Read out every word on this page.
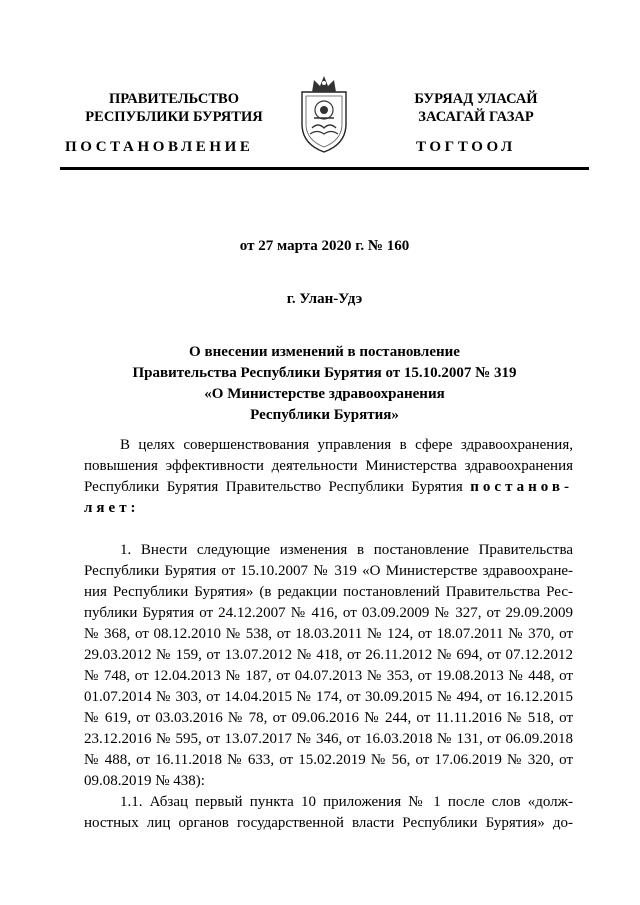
ПРАВИТЕЛЬСТВО
РЕСПУБЛИКИ БУРЯТИЯ
БУРЯАД УЛАСАЙ
ЗАСАГАЙ ГАЗАР
ПОСТАНОВЛЕНИЕ	ТОГТООЛ
от 27 марта 2020 г. № 160
г. Улан-Удэ
О внесении изменений в постановление
Правительства Республики Бурятия от 15.10.2007 № 319
«О Министерстве здравоохранения
Республики Бурятия»
В целях совершенствования управления в сфере здравоохранения,
повышения эффективности деятельности Министерства здравоохранения
Республики Бурятия Правительство Республики Бурятия постанов-
ляет:
1. Внести следующие изменения в постановление Правительства
Республики Бурятия от 15.10.2007 № 319 «О Министерстве здравоохране-
ния Республики Бурятия» (в редакции постановлений Правительства Рес-
публики Бурятия от 24.12.2007 № 416, от 03.09.2009 № 327, от 29.09.2009
№ 368, от 08.12.2010 № 538, от 18.03.2011 № 124, от 18.07.2011 № 370, от
29.03.2012 № 159, от 13.07.2012 № 418, от 26.11.2012 № 694, от 07.12.2012
№ 748, от 12.04.2013 № 187, от 04.07.2013 № 353, от 19.08.2013 № 448, от
01.07.2014 № 303, от 14.04.2015 № 174, от 30.09.2015 № 494, от 16.12.2015
№ 619, от 03.03.2016 № 78, от 09.06.2016 № 244, от 11.11.2016 № 518, от
23.12.2016 № 595, от 13.07.2017 № 346, от 16.03.2018 № 131, от 06.09.2018
№ 488, от 16.11.2018 № 633, от 15.02.2019 № 56, от 17.06.2019 № 320, от
09.08.2019 № 438):
1.1. Абзац первый пункта 10 приложения № 1 после слов «долж-
ностных лиц органов государственной власти Республики Бурятия» до-
